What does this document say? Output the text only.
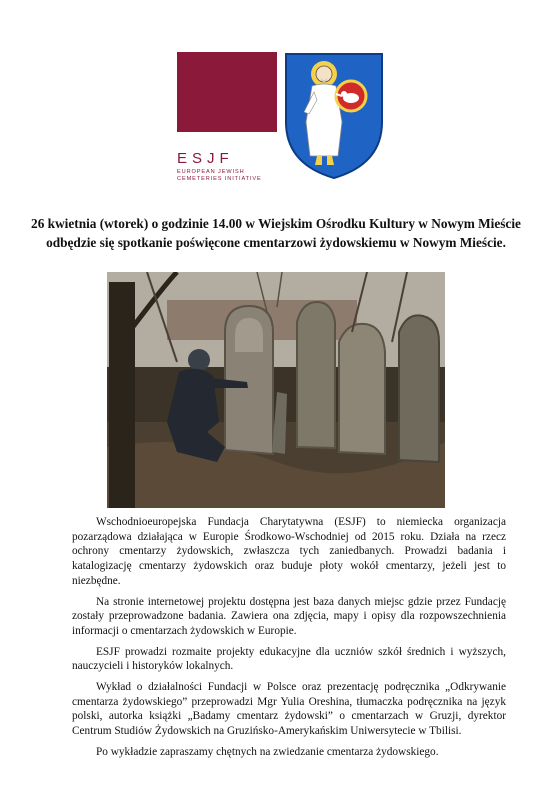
ESJF
EUROPEAN JEWISH
CEMETERIES INITIATIVE
26 kwietnia (wtorek) o godzinie 14.00 w Wiejskim Ośrodku Kultury w Nowym Mieście odbędzie się spotkanie poświęcone cmentarzowi żydowskiemu w Nowym Mieście.

Wschodnioeuropejska Fundacja Charytatywna (ESJF) to niemiecka organizacja pozarządowa działająca w Europie Środkowo-Wschodniej od 2015 roku. Działa na rzecz ochrony cmentarzy żydowskich, zwłaszcza tych zaniedbanych. Prowadzi badania i katalogizację cmentarzy żydowskich oraz buduje płoty wokół cmentarzy, jeżeli jest to niezbędne.

Na stronie internetowej projektu dostępna jest baza danych miejsc gdzie przez Fundację zostały przeprowadzone badania. Zawiera ona zdjęcia, mapy i opisy dla rozpowszechnienia informacji o cmentarzach żydowskich w Europie.

ESJF prowadzi rozmaite projekty edukacyjne dla uczniów szkół średnich i wyższych, nauczycieli i historyków lokalnych.

Wykład o działalności Fundacji w Polsce oraz prezentację podręcznika „Odkrywanie cmentarza żydowskiego” przeprowadzi Mgr Yulia Oreshina, tłumaczka podręcznika na język polski, autorka książki „Badamy cmentarz żydowski” o cmentarzach w Gruzji, dyrektor Centrum Studiów Żydowskich na Gruzińsko-Amerykańskim Uniwersytecie w Tbilisi.

Po wykładzie zapraszamy chętnych na zwiedzanie cmentarza żydowskiego.
